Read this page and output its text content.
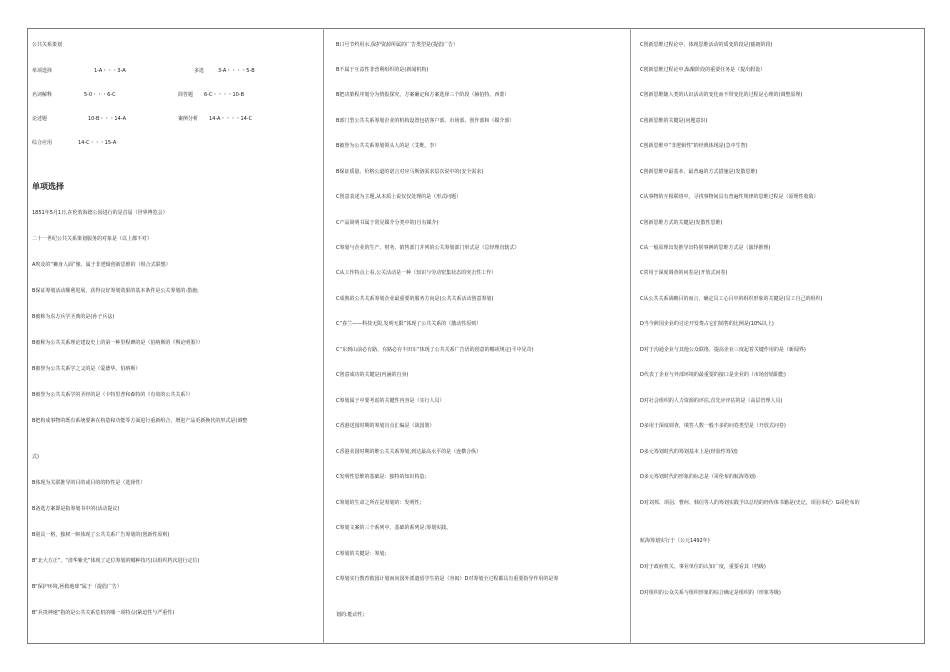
公共关系策划
单项选择	1-A・・・3-A	多选	3-A・・・・5-B
名词解释	5-0・・・6-C	简答题 6-C・・・・10-B
论述题	10-B・・・14-A	案例分析 14-A・・・・14-C
综合应用	14-C・・・15-A
单项选择
1851年5月1日,在伦敦海德公园进行的是首届（世界博览会）
二十一世纪公共关系策划服务的对象是（以上都不对）
A埃及的“狮身人面”像，属于非逻辑创新思维的（组合式联想）
B保证筹划活动顺利进展，获得良好筹划效果的基本条件是公关筹划的:措施;
B被称为东方兵学圣典的是(孙子兵法)
B被称为公共关系理论建设史上的第一种里程碑的是（伯纳斯的《舆论明鉴》）
B被誉为公共关系学之父的是（爱德华。伯纳斯）
B被誉为公共关系学的圣经的是（卡特里普和森特的《有效的公共关系》）
B把构成事物的既有系统要素在构造和功能等方面进行重新组合，增进产品更新换代的形式是(调整
式)
B体现为关联推导的目的或目的的特性是（选择性）
B备选方案即是指筹划书中的(活动提议)
B别具一格，独树一帜体现了公共关系广告筹划的(创新性原则)
B“北大方正”、“清华紫光”体现了定位筹划的哪种技巧(以组织档次进行定位)
B“保护环境,拯救地球”属于（提倡广告）
B“兵贵神速”指的是公共关系危机的哪一项特点(紧迫性与严重性)
B口号节约用水,保护资源所属的广告类型是(提倡广告）
B不属于互益性非营利组织的是(新闻机构)
B把决策程序划分为情报探究、方案确定和方案选择三个阶段（赫伯特。西蒙）
B部门型公共关系筹划企业的机构设置包括客户部、市场部、创作部和（媒介部）
B被誉为公共关系筹划领头人的是（艾维。李）
B保证质量、价格公道的诺言对应马斯洛需求层次说中的(安全需求)
C创意表述为主题,从本质上说仅仅处理的是（形式问题）
C产品简明书属于常见媒介分类中的(自有媒介)
C筹划与企业的生产、财务、销售部门并列的公关筹划部门形式是（总经理直辖式）
C从工作特点上看,公关活动是一种（知识与劳动密集状态的突击性工作）
C成熟的公共关系筹划企业最重要的服务方向是(公共关系活动创意筹划)
C“春兰——科技无限,发明无限”体现了公共关系的（激动性原则）
C“东到山前必有路，有路必有丰田车”体现了公共关系广告语的创意的哪项规定(平中见奇)
C创意成功的关键是(内涵的自身)
C筹划属于中要考虑的关键性内容是（实行人员）
C香港送国时期的筹划盲点汇编是（战国策）
C香港美国时期的维公关关系筹划,到达最高水平的是（连横合纵）
C发明性思维的基础是：独特的知识构造;
C筹划的生命之所在是筹划的：发明性;
C筹划文案的三个系列中，基础的系列是:筹划实践。
C筹划的关键是：筹划;
C筹划实行教育救国计划而向国外派遣留学生的是（容闳）D对筹划全过程都具有重要指导作用的是筹
划的:能动性;
C创新思维过程论中，体现思维活动的质变阶段是(豁朗阶段)
C创新思维过程论中,酝酿阶段的重要任务是（提出假设）
C创新思维随人类的认识活动的变化而不带变化的过程是心理的(调整原理)
C创新思维的关键是(问题意识)
C创新思维中“非逻辑性”的经典体现是(急中生智)
C创新思维中最基本、最普遍的方式措施是(发散思维)
C从事物的互相联络中，寻找事物间具有普遍性规律的思维过程是（原理性收敛）
C创新思维方式的关键是(发散性思维)
C从一般原理出发推导出特别事例的思维方式是（演绎推理)
C常用于深度调查的问卷是(开放式问卷)
C从公共关系战略目的而言，确定员工心目中的组织形象的关键是(员工自己的组织)
D当今跨国企业的讨论开发费占它们销售的比例是(10%以上)
D对于沟通企业与其他公众联络，提高企业三度起着关键作用的是（新闻界)
D代表了企业与外部环境的最重要的接口是企业的（市场营销职能)
D对社会组织的人力资源的评估,首先应评估的是（高层管理人员)
D多用于深度调查，填答人数一般不多的问卷类型是（开放式问卷)
D多元筹划时代的筹划基本上是(经验性筹划)
D多元筹划时代的形象的标志是（哥伦布的航海筹划)
D对刘邦、项羽、曹何、韩信等人的筹划实践予以总结的经传体书籍是(史记，项羽本纪）G哥伦布的
航海筹划实行于（公元1492年)
D对于政府机关、事业单位的认知广度，重要看其（档级)
D对组织的公众关系与组织形象的综合确定是组织的（形象等级)
